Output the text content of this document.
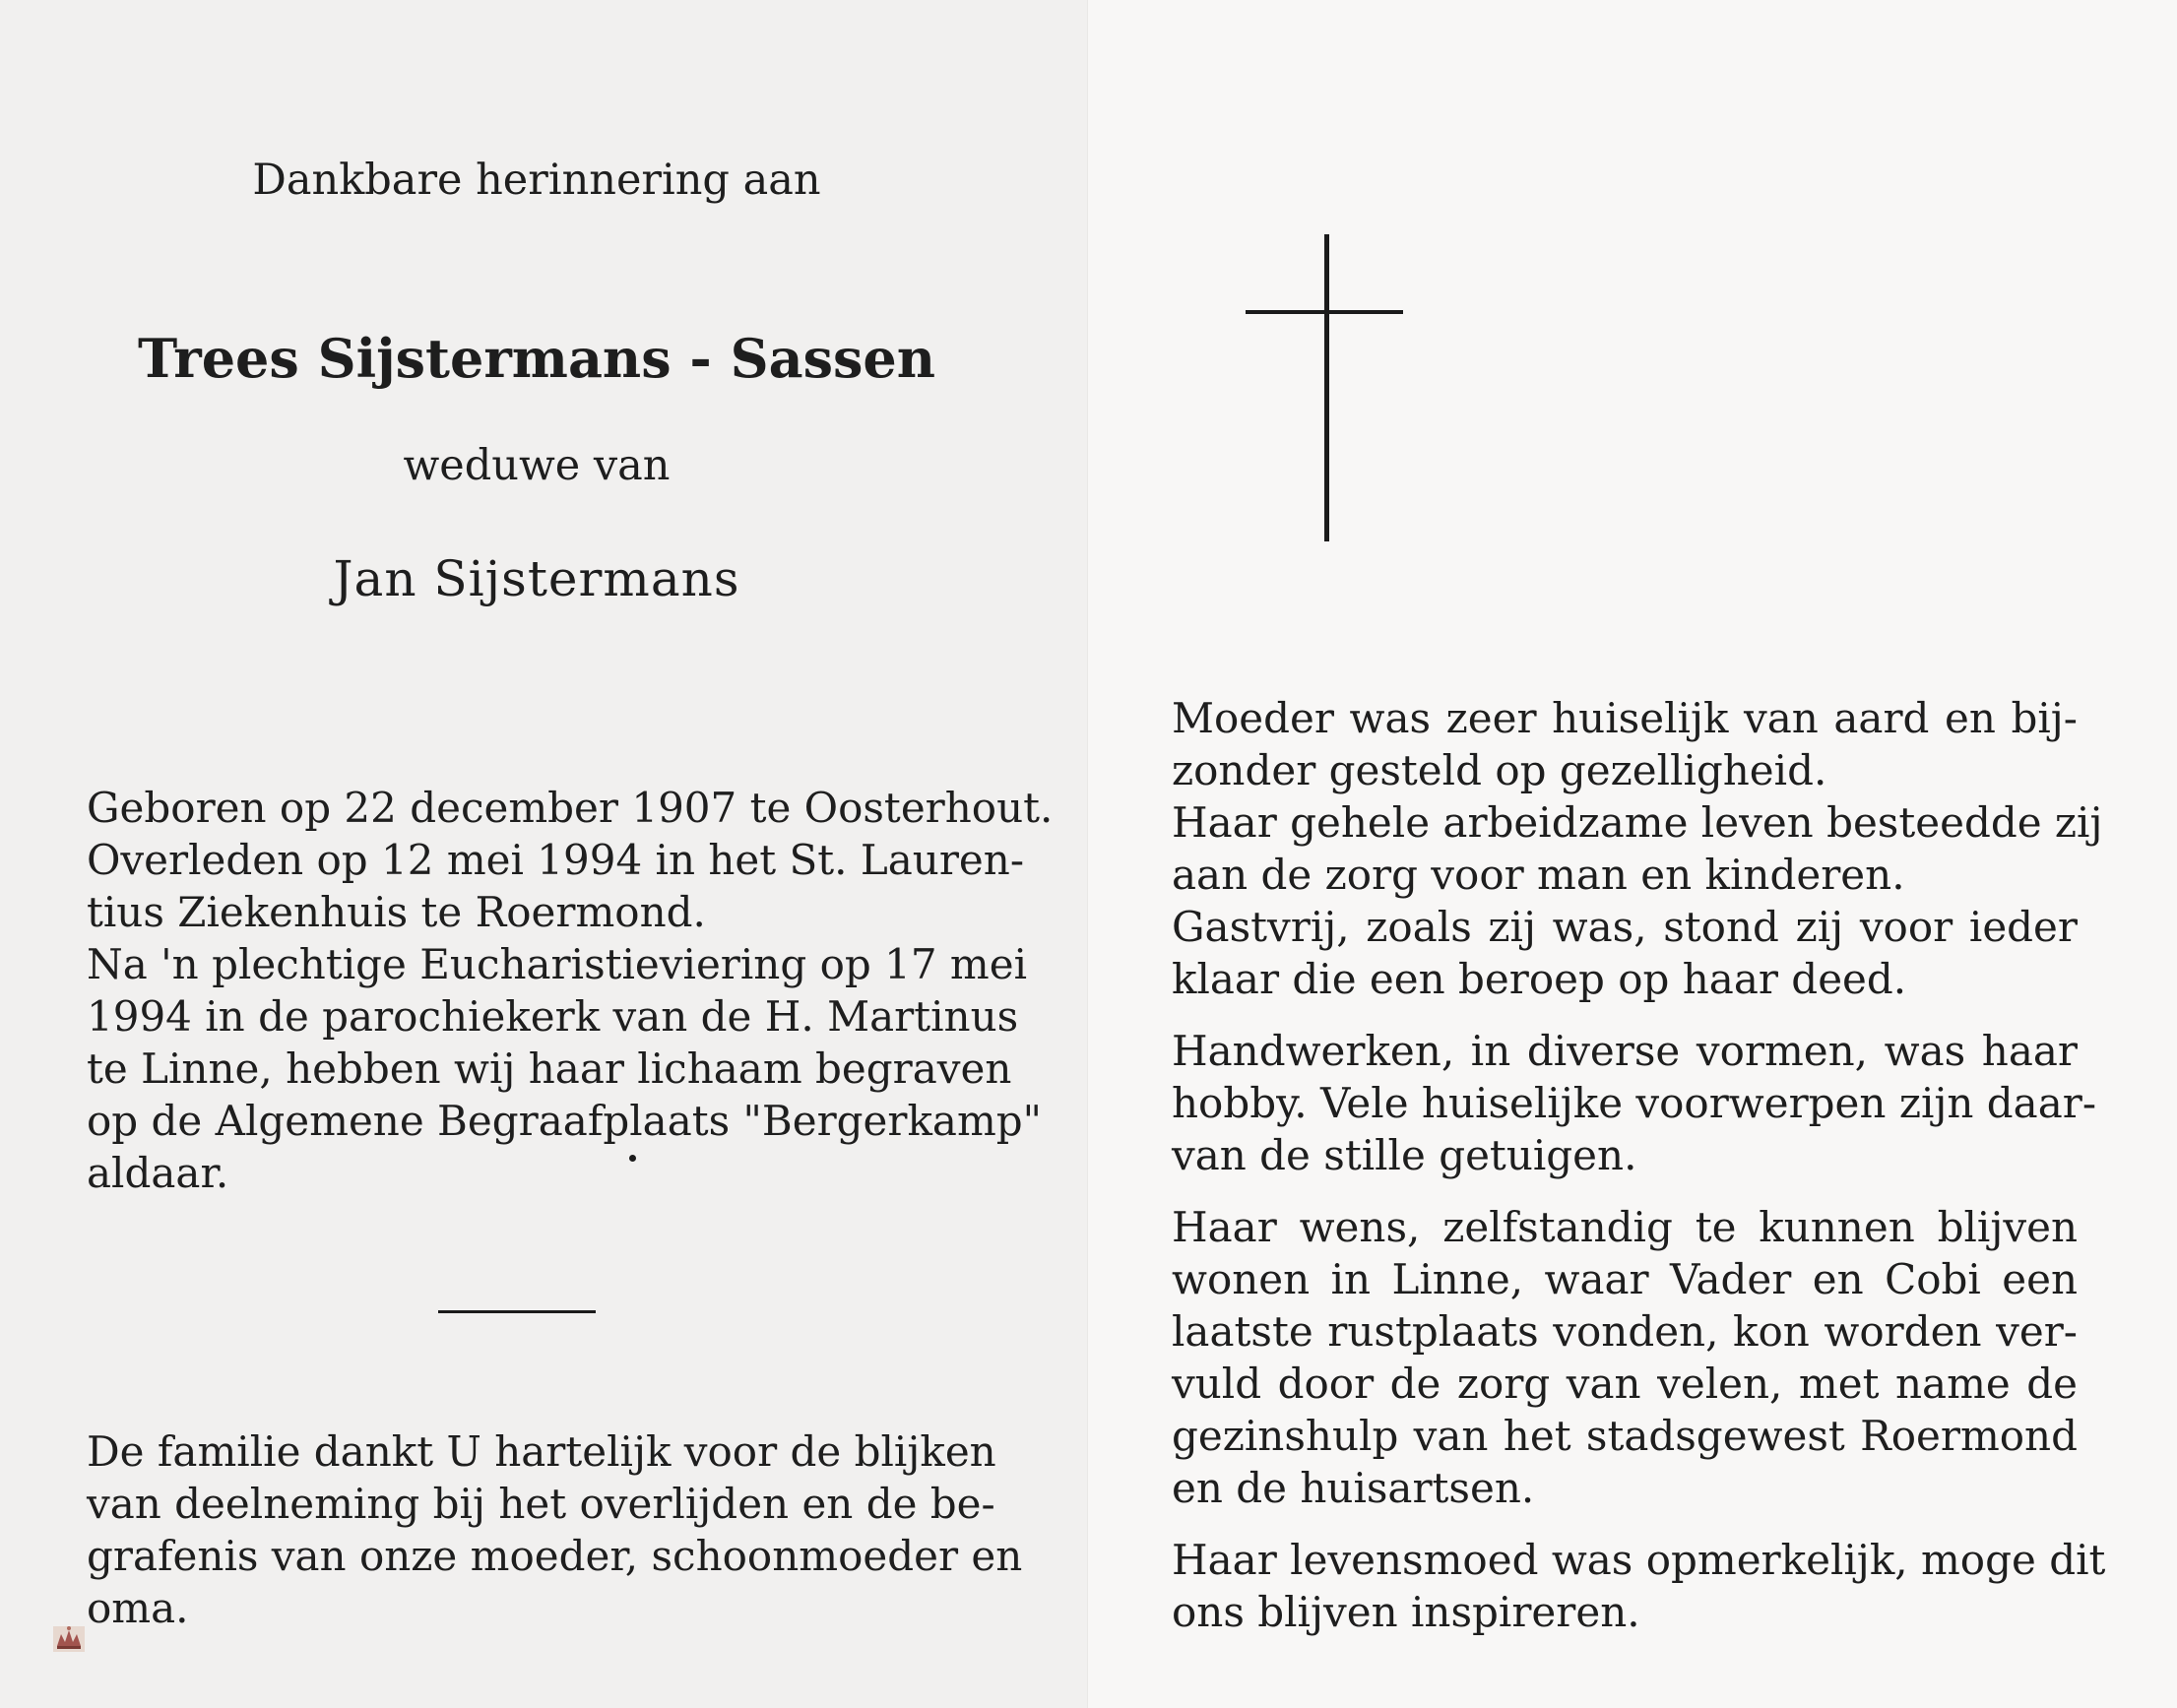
Dankbare herinnering aan

Trees Sijstermans - Sassen

weduwe van

Jan Sijstermans

Geboren op 22 december 1907 te Oosterhout.
Overleden op 12 mei 1994 in het St. Lauren-
tius Ziekenhuis te Roermond.
Na 'n plechtige Eucharistieviering op 17 mei
1994 in de parochiekerk van de H. Martinus
te Linne, hebben wij haar lichaam begraven
op de Algemene Begraafplaats "Bergerkamp"
aldaar.
De familie dankt U hartelijk voor de blijken
van deelneming bij het overlijden en de be-
grafenis van onze moeder, schoonmoeder en
oma.
Moeder was zeer huiselijk van aard en bij-
zonder gesteld op gezelligheid.
Haar gehele arbeidzame leven besteedde zij
aan de zorg voor man en kinderen.
Gastvrij, zoals zij was, stond zij voor ieder
klaar die een beroep op haar deed.
Handwerken, in diverse vormen, was haar
hobby. Vele huiselijke voorwerpen zijn daar-
van de stille getuigen.
Haar wens, zelfstandig te kunnen blijven
wonen in Linne, waar Vader en Cobi een
laatste rustplaats vonden, kon worden ver-
vuld door de zorg van velen, met name de
gezinshulp van het stadsgewest Roermond
en de huisartsen.
Haar levensmoed was opmerkelijk, moge dit
ons blijven inspireren.
